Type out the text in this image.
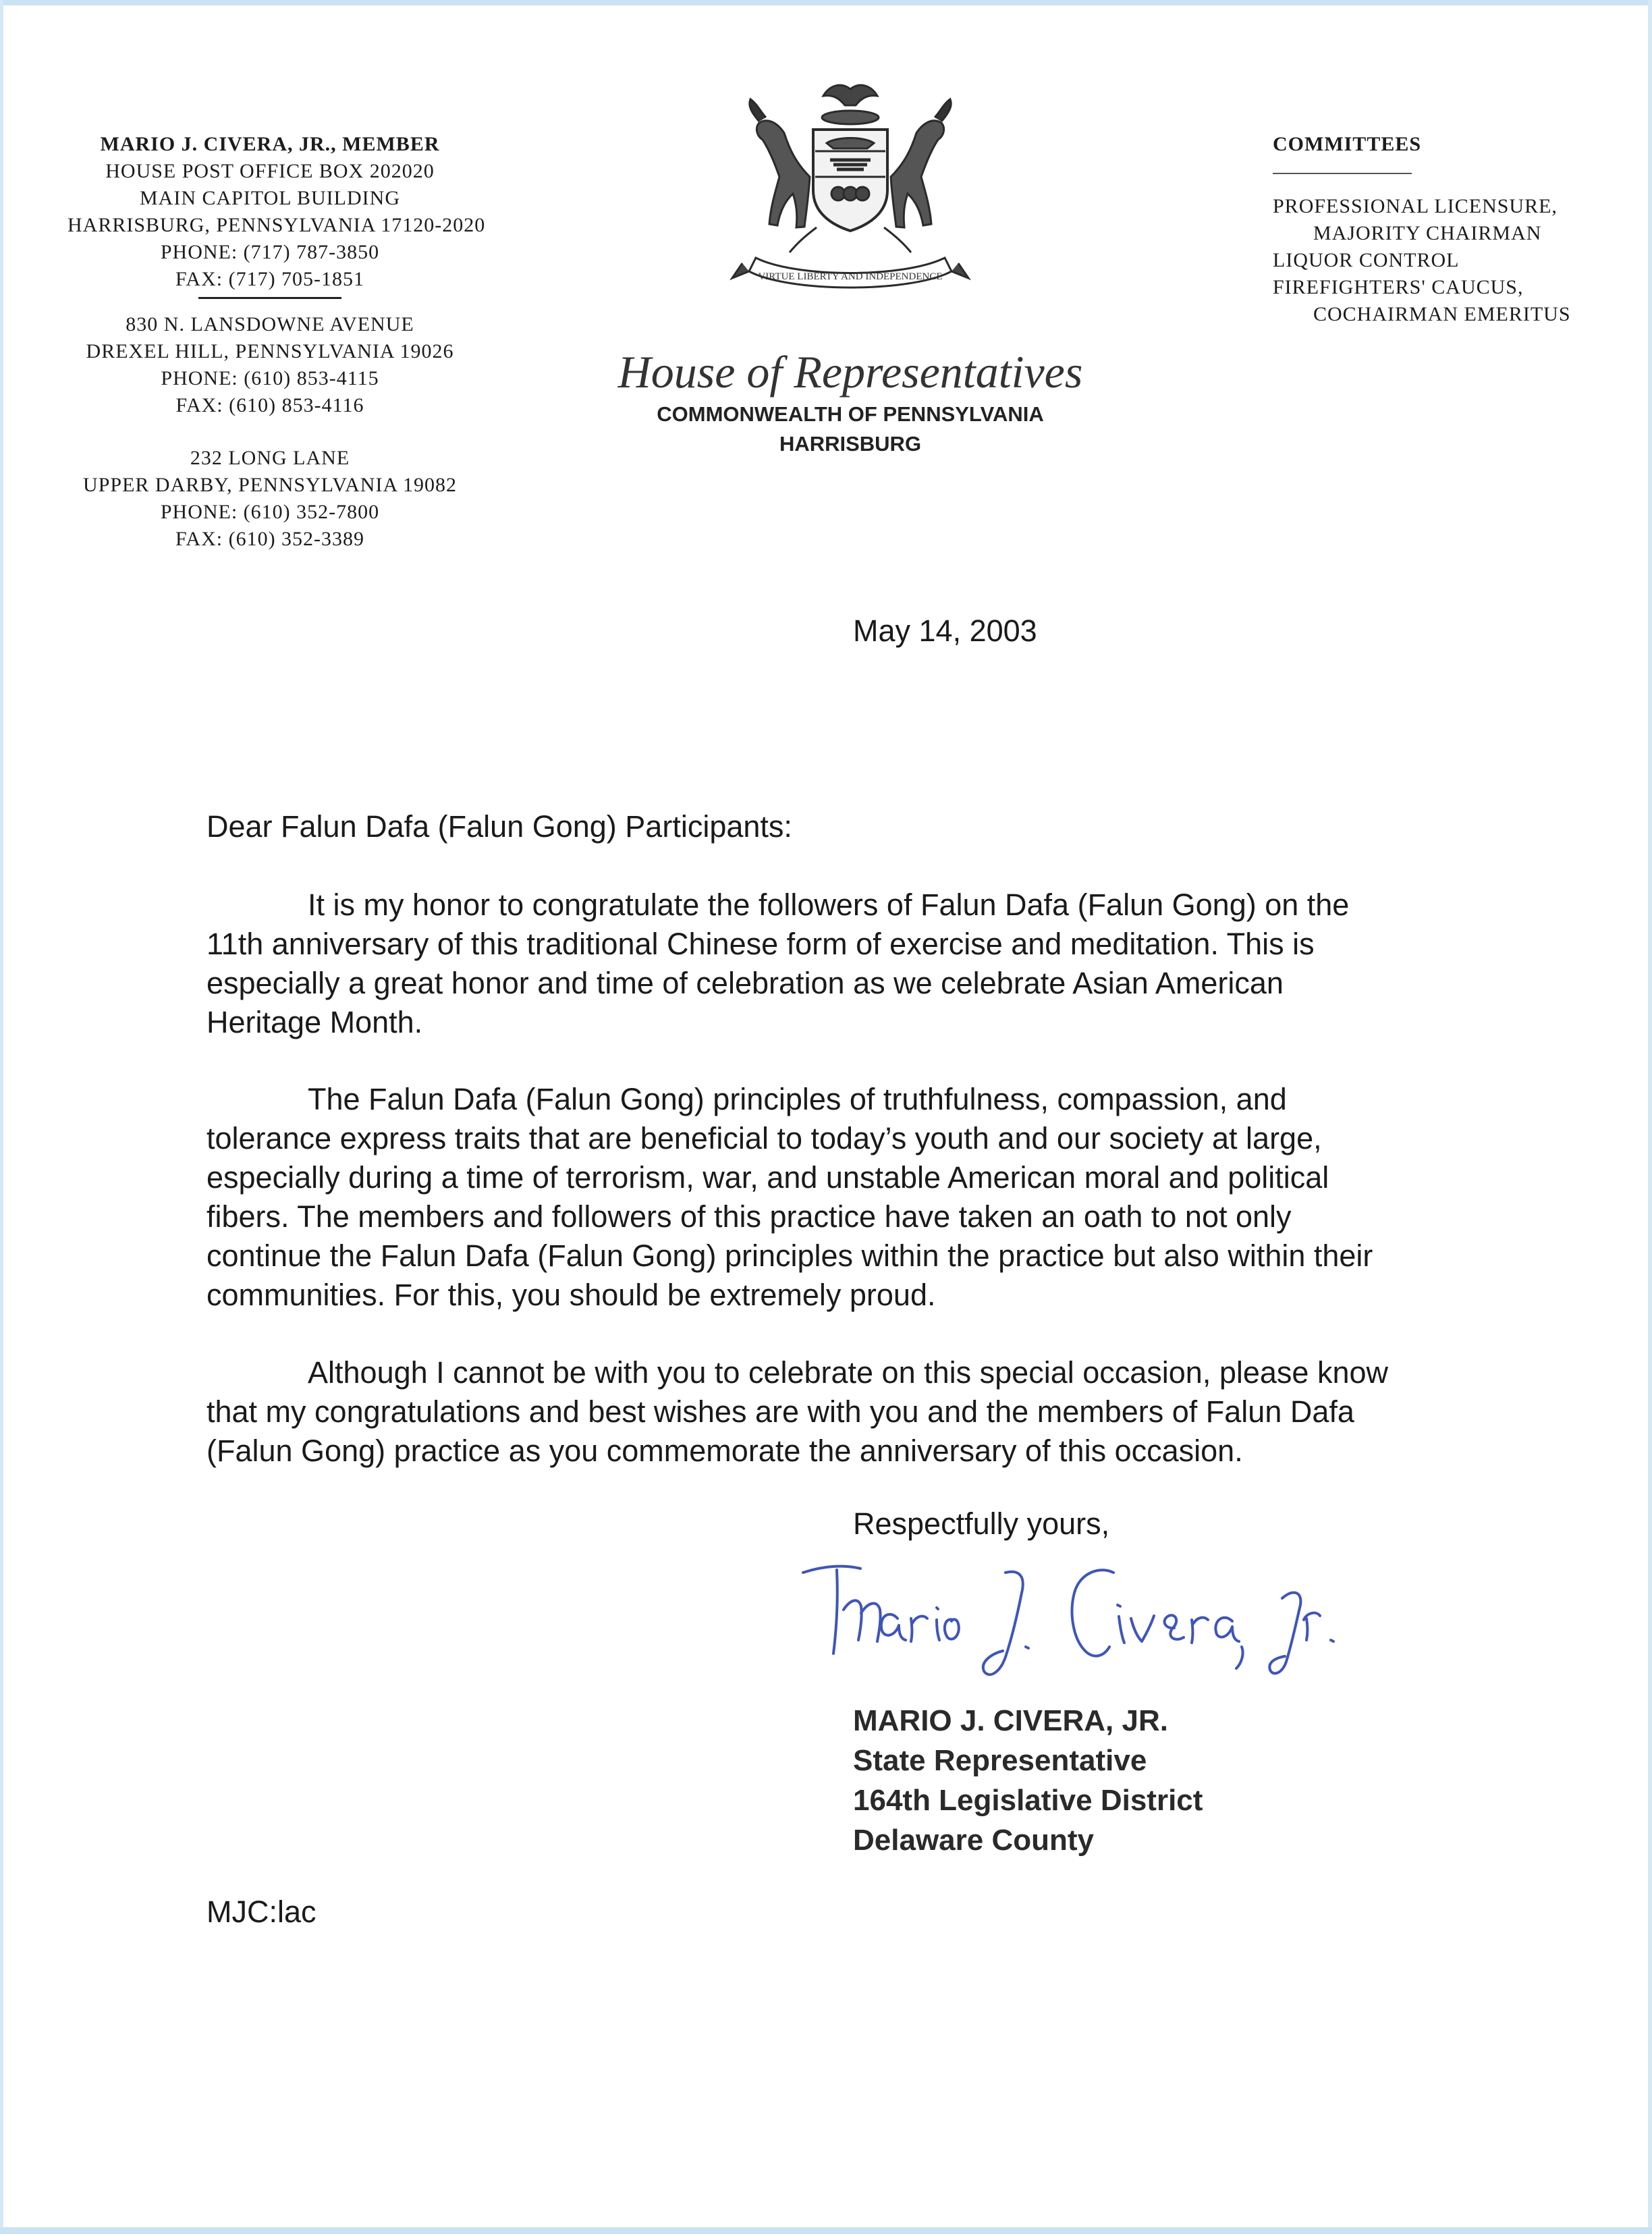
MARIO J. CIVERA, JR., MEMBER
HOUSE POST OFFICE BOX 202020
MAIN CAPITOL BUILDING
HARRISBURG, PENNSYLVANIA 17120-2020
PHONE: (717) 787-3850
FAX: (717) 705-1851
830 N. LANSDOWNE AVENUE
DREXEL HILL, PENNSYLVANIA 19026
PHONE: (610) 853-4115
FAX: (610) 853-4116
232 LONG LANE
UPPER DARBY, PENNSYLVANIA 19082
PHONE: (610) 352-7800
FAX: (610) 352-3389
COMMITTEES
PROFESSIONAL LICENSURE,
MAJORITY CHAIRMAN
LIQUOR CONTROL
FIREFIGHTERS' CAUCUS,
COCHAIRMAN EMERITUS
VIRTUE LIBERTY AND INDEPENDENCE
House of Representatives
COMMONWEALTH OF PENNSYLVANIA
HARRISBURG
May 14, 2003
Dear Falun Dafa (Falun Gong) Participants:
It is my honor to congratulate the followers of Falun Dafa (Falun Gong) on the
11th anniversary of this traditional Chinese form of exercise and meditation. This is
especially a great honor and time of celebration as we celebrate Asian American
Heritage Month.
The Falun Dafa (Falun Gong) principles of truthfulness, compassion, and
tolerance express traits that are beneficial to today’s youth and our society at large,
especially during a time of terrorism, war, and unstable American moral and political
fibers. The members and followers of this practice have taken an oath to not only
continue the Falun Dafa (Falun Gong) principles within the practice but also within their
communities. For this, you should be extremely proud.
Although I cannot be with you to celebrate on this special occasion, please know
that my congratulations and best wishes are with you and the members of Falun Dafa
(Falun Gong) practice as you commemorate the anniversary of this occasion.
Respectfully yours,
MARIO J. CIVERA, JR.
State Representative
164th Legislative District
Delaware County
MJC:lac
